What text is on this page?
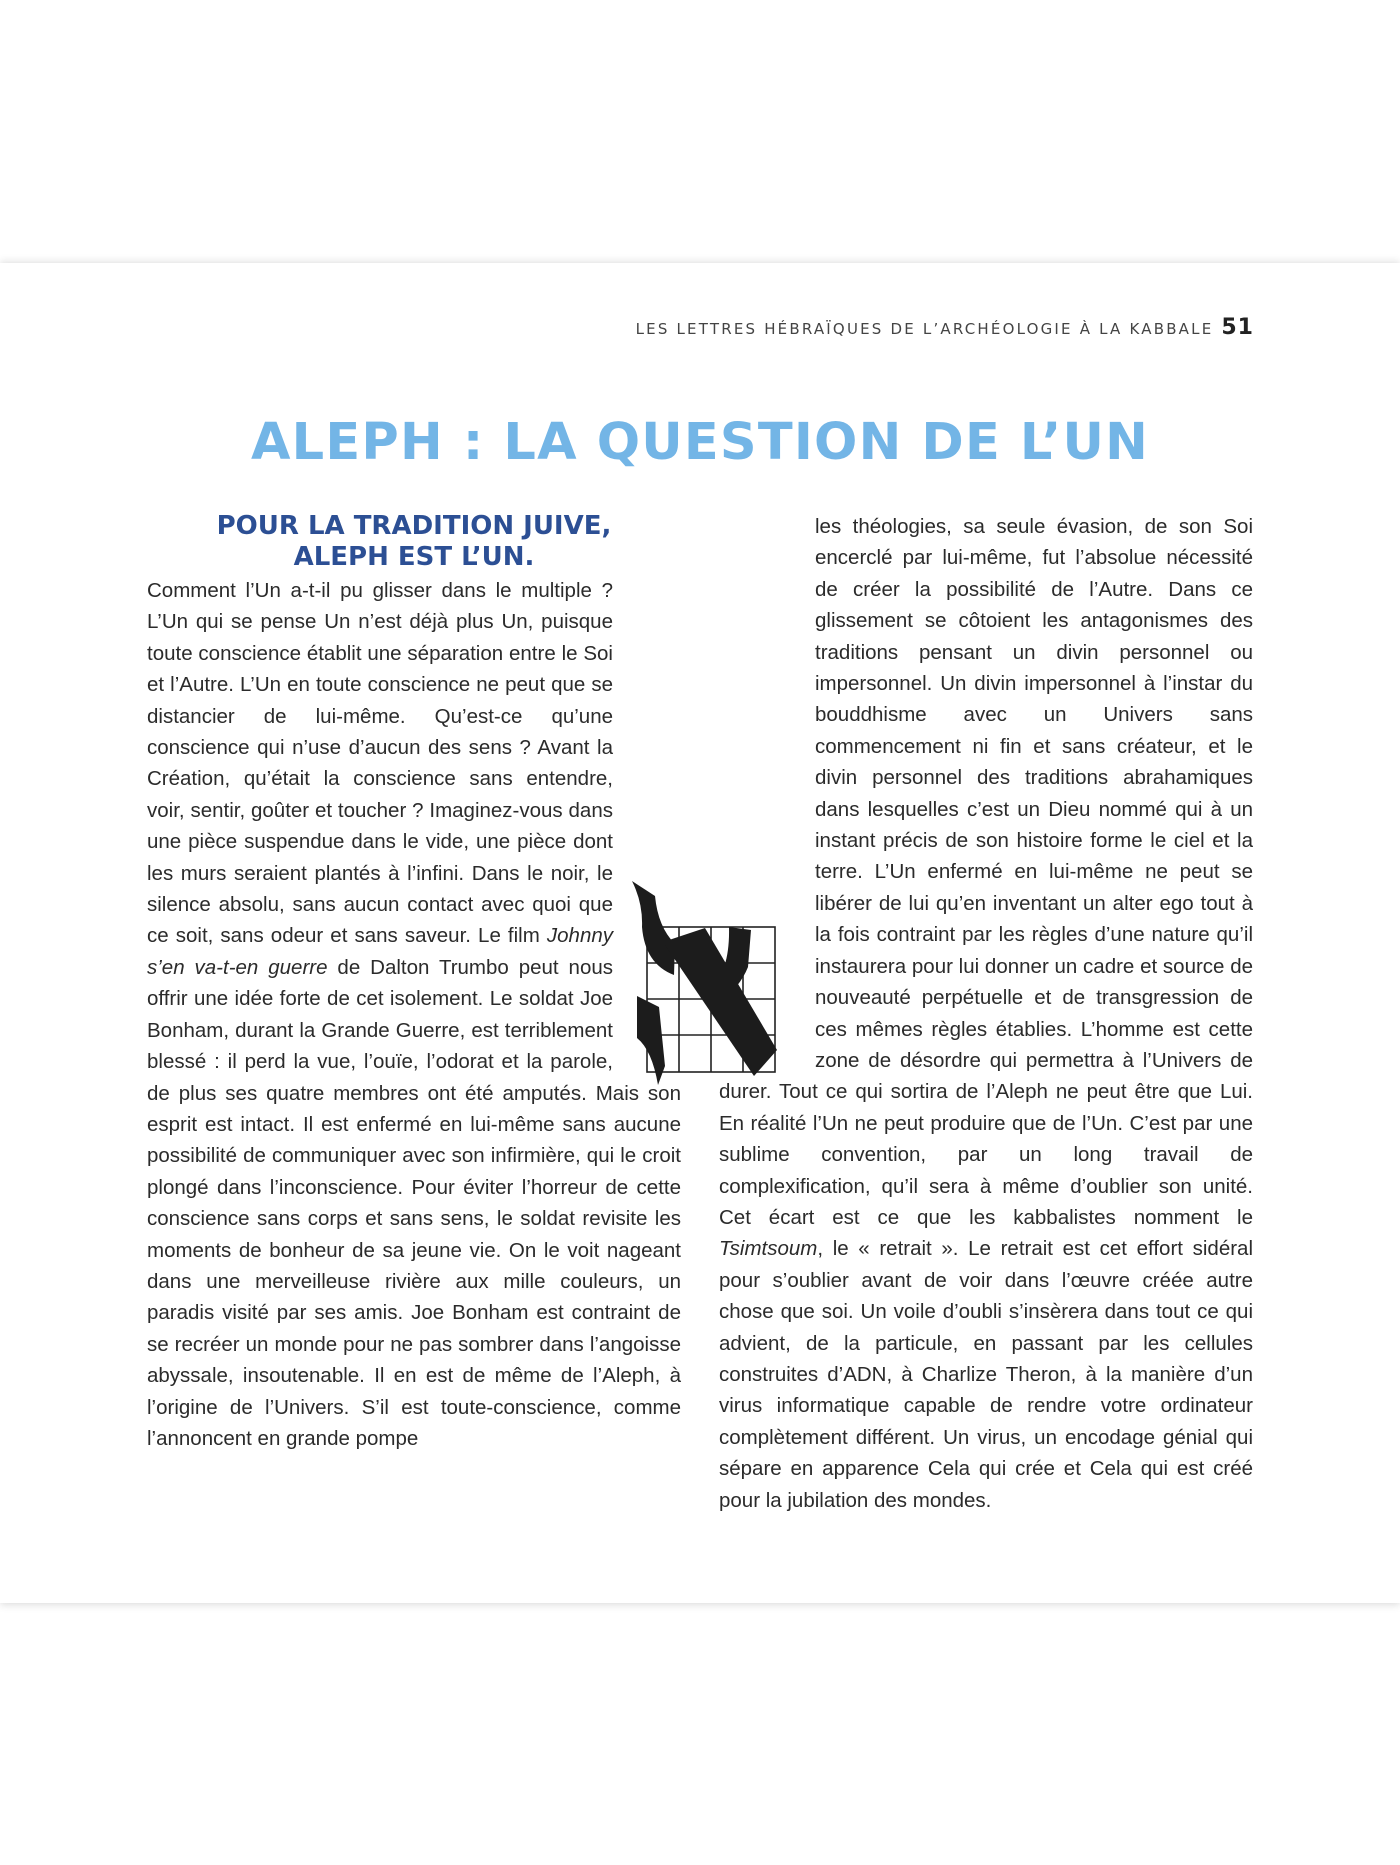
LES LETTRES HÉBRAÏQUES DE L’ARCHÉOLOGIE À LA KABBALE 51
ALEPH : LA QUESTION DE L’UN
POUR LA TRADITION JUIVE,
ALEPH EST L’UN.

Comment l’Un a-t-il pu glisser dans le multiple ? L’Un qui se pense Un n’est déjà plus Un, puisque toute conscience établit une séparation entre le Soi et l’Autre. L’Un en toute conscience ne peut que se distancier de lui-même. Qu’est-ce qu’une conscience qui n’use d’aucun des sens ? Avant la Création, qu’était la conscience sans entendre, voir, sentir, goûter et toucher ? Imaginez-vous dans une pièce suspendue dans le vide, une pièce dont les murs seraient plantés à l’infini. Dans le noir, le silence absolu, sans aucun contact avec quoi que ce soit, sans odeur et sans saveur. Le film Johnny s’en va-t-en guerre de Dalton Trumbo peut nous offrir une idée forte de cet isolement. Le soldat Joe Bonham, durant la Grande Guerre, est terriblement blessé : il perd la vue, l’ouïe, l’odorat et la parole, de plus ses quatre membres ont été amputés. Mais son esprit est intact. Il est enfermé en lui-même sans aucune possibilité de communiquer avec son infirmière, qui le croit plongé dans l’inconscience. Pour éviter l’horreur de cette conscience sans corps et sans sens, le soldat revisite les moments de bonheur de sa jeune vie. On le voit nageant dans une merveilleuse rivière aux mille couleurs, un paradis visité par ses amis. Joe Bonham est contraint de se recréer un monde pour ne pas sombrer dans l’angoisse abyssale, insoutenable. Il en est de même de l’Aleph, à l’origine de l’Univers. S’il est toute-conscience, comme l’annoncent en grande pompe

les théologies, sa seule évasion, de son Soi encerclé par lui-même, fut l’absolue nécessité de créer la possibilité de l’Autre. Dans ce glissement se côtoient les antagonismes des traditions pensant un divin personnel ou impersonnel. Un divin impersonnel à l’instar du bouddhisme avec un Univers sans commencement ni fin et sans créateur, et le divin personnel des traditions abrahamiques dans lesquelles c’est un Dieu nommé qui à un instant précis de son histoire forme le ciel et la terre. L’Un enfermé en lui-même ne peut se libérer de lui qu’en inventant un alter ego tout à la fois contraint par les règles d’une nature qu’il instaurera pour lui donner un cadre et source de nouveauté perpétuelle et de transgression de ces mêmes règles établies. L’homme est cette zone de désordre qui permettra à l’Univers de durer. Tout ce qui sortira de l’Aleph ne peut être que Lui. En réalité l’Un ne peut produire que de l’Un. C’est par une sublime convention, par un long travail de complexification, qu’il sera à même d’oublier son unité. Cet écart est ce que les kabbalistes nomment le Tsimtsoum, le « retrait ». Le retrait est cet effort sidéral pour s’oublier avant de voir dans l’œuvre créée autre chose que soi. Un voile d’oubli s’insèrera dans tout ce qui advient, de la particule, en passant par les cellules construites d’ADN, à Charlize Theron, à la manière d’un virus informatique capable de rendre votre ordinateur complètement différent. Un virus, un encodage génial qui sépare en apparence Cela qui crée et Cela qui est créé pour la jubilation des mondes.
